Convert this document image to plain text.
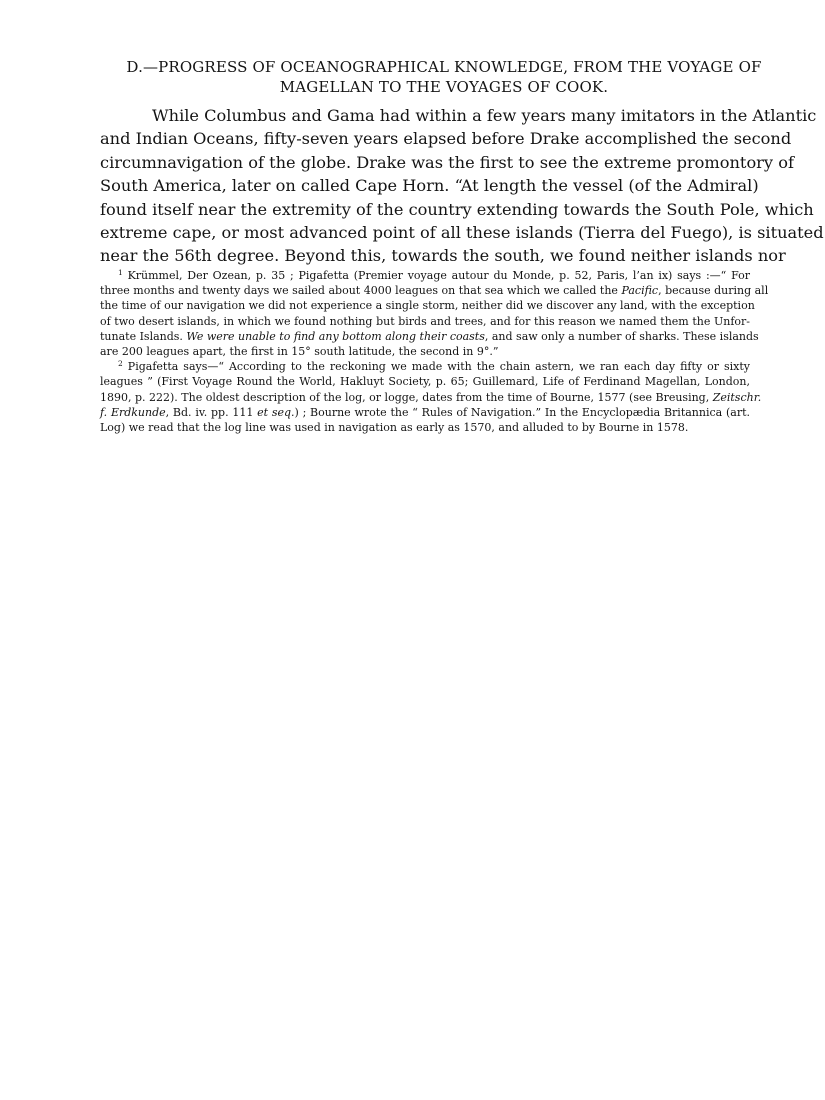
D.—PROGRESS OF OCEANOGRAPHICAL KNOWLEDGE, FROM THE VOYAGE OF
MAGELLAN TO THE VOYAGES OF COOK.
While Columbus and Gama had within a few years many imitators in the Atlantic
and Indian Oceans, fifty-seven years elapsed before Drake accomplished the second
circumnavigation of the globe. Drake was the first to see the extreme promontory of
South America, later on called Cape Horn. “At length the vessel (of the Admiral)
found itself near the extremity of the country extending towards the South Pole, which
extreme cape, or most advanced point of all these islands (Tierra del Fuego), is situated
near the 56th degree. Beyond this, towards the south, we found neither islands nor
$^1$ Krümmel, Der Ozean, p. 35 ; Pigafetta (Premier voyage autour du Monde, p. 52, Paris, l’an ix) says :—“ For
three months and twenty days we sailed about 4000 leagues on that sea which we called the Pacific, because during all
the time of our navigation we did not experience a single storm, neither did we discover any land, with the exception
of two desert islands, in which we found nothing but birds and trees, and for this reason we named them the Unfor-
tunate Islands. We were unable to find any bottom along their coasts, and saw only a number of sharks. These islands
are 200 leagues apart, the first in 15° south latitude, the second in 9°.”
$^2$ Pigafetta says—“ According to the reckoning we made with the chain astern, we ran each day fifty or sixty
leagues ” (First Voyage Round the World, Hakluyt Society, p. 65; Guillemard, Life of Ferdinand Magellan, London,
1890, p. 222). The oldest description of the log, or logge, dates from the time of Bourne, 1577 (see Breusing, Zeitschr.
f. Erdkunde, Bd. iv. pp. 111 et seq.) ; Bourne wrote the “ Rules of Navigation.” In the Encyclopædia Britannica (art.
Log) we read that the log line was used in navigation as early as 1570, and alluded to by Bourne in 1578.
